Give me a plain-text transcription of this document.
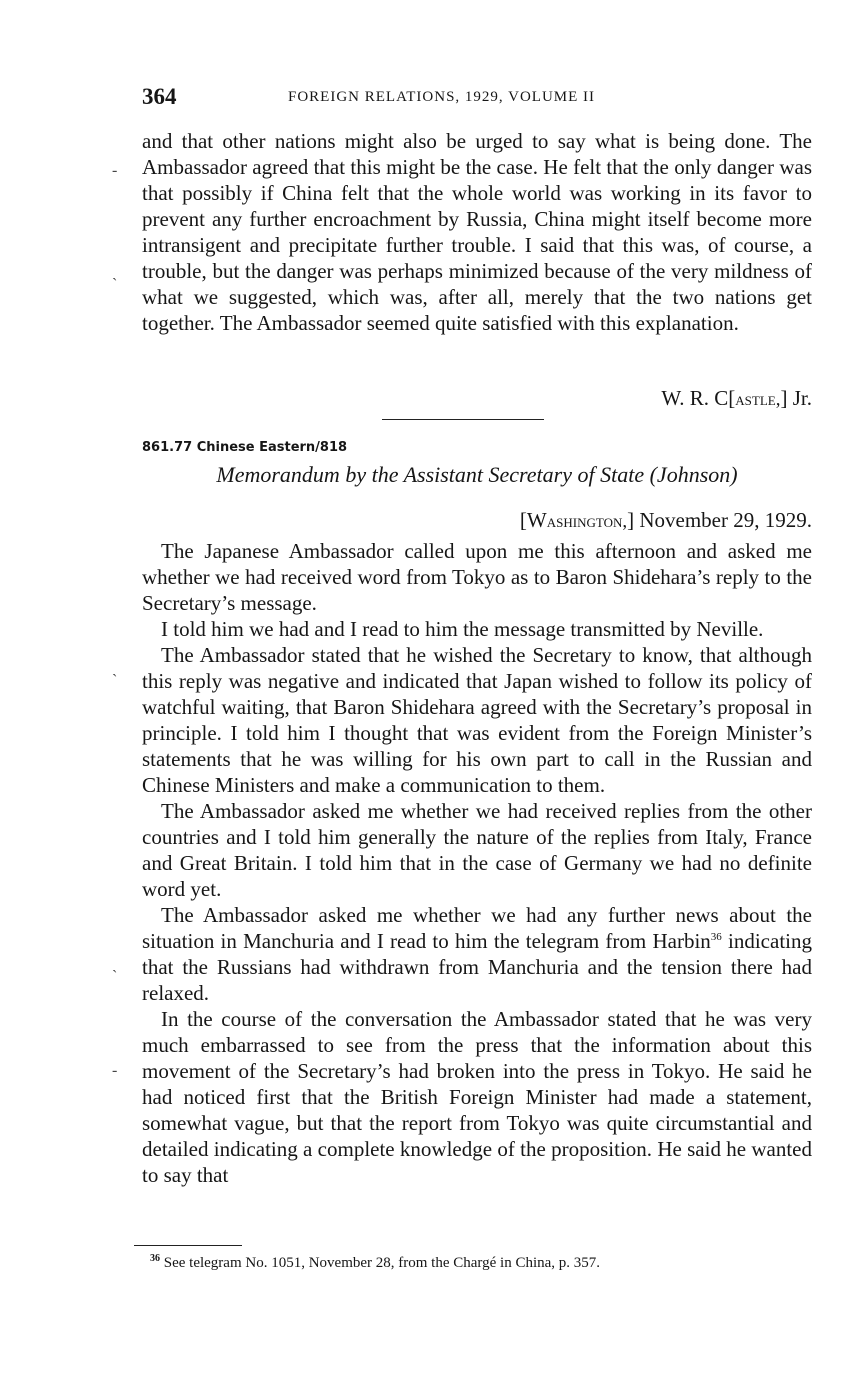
364	FOREIGN RELATIONS, 1929, VOLUME II

and that other nations might also be urged to say what is being done. The Ambassador agreed that this might be the case. He felt that the only danger was that possibly if China felt that the whole world was working in its favor to prevent any further encroachment by Russia, China might itself become more intransigent and precipitate further trouble. I said that this was, of course, a trouble, but the danger was perhaps minimized because of the very mildness of what we suggested, which was, after all, merely that the two nations get together. The Ambassador seemed quite satisfied with this explanation.

W. R. C[astle,] Jr.
861.77 Chinese Eastern/818
Memorandum by the Assistant Secretary of State (Johnson)
[Washington,] November 29, 1929.

The Japanese Ambassador called upon me this afternoon and asked me whether we had received word from Tokyo as to Baron Shidehara’s reply to the Secretary’s message.

I told him we had and I read to him the message transmitted by Neville.

The Ambassador stated that he wished the Secretary to know, that although this reply was negative and indicated that Japan wished to follow its policy of watchful waiting, that Baron Shidehara agreed with the Secretary’s proposal in principle. I told him I thought that was evident from the Foreign Minister’s statements that he was willing for his own part to call in the Russian and Chinese Ministers and make a communication to them.

The Ambassador asked me whether we had received replies from the other countries and I told him generally the nature of the replies from Italy, France and Great Britain. I told him that in the case of Germany we had no definite word yet.

The Ambassador asked me whether we had any further news about the situation in Manchuria and I read to him the telegram from Harbin$^{36}$ indicating that the Russians had withdrawn from Manchuria and the tension there had relaxed.

In the course of the conversation the Ambassador stated that he was very much embarrassed to see from the press that the information about this movement of the Secretary’s had broken into the press in Tokyo. He said he had noticed first that the British Foreign Minister had made a statement, somewhat vague, but that the report from Tokyo was quite circumstantial and detailed indicating a complete knowledge of the proposition. He said he wanted to say that

-
ˎ
ˋ
ˎ
-
$^{36}$ See telegram No. 1051, November 28, from the Chargé in China, p. 357.
